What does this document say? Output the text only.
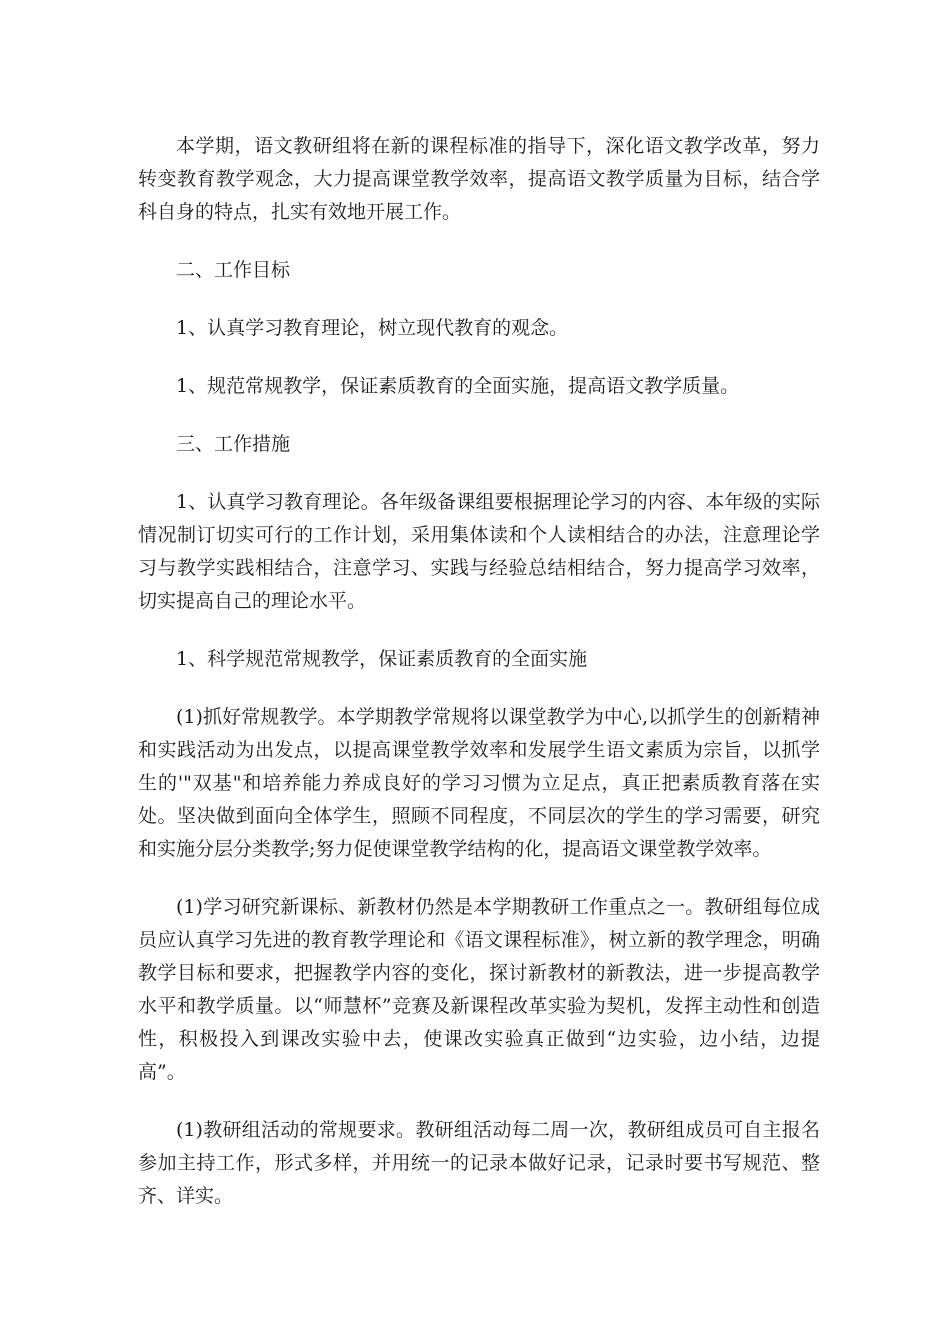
本学期，语文教研组将在新的课程标准的指导下，深化语文教学改革，努力转变教育教学观念，大力提高课堂教学效率，提高语文教学质量为目标，结合学科自身的特点，扎实有效地开展工作。

二、工作目标

1、认真学习教育理论，树立现代教育的观念。

1、规范常规教学，保证素质教育的全面实施，提高语文教学质量。

三、工作措施

1、认真学习教育理论。各年级备课组要根据理论学习的内容、本年级的实际情况制订切实可行的工作计划，采用集体读和个人读相结合的办法，注意理论学习与教学实践相结合，注意学习、实践与经验总结相结合，努力提高学习效率，切实提高自己的理论水平。

1、科学规范常规教学，保证素质教育的全面实施

(1)抓好常规教学。本学期教学常规将以课堂教学为中心,以抓学生的创新精神和实践活动为出发点，以提高课堂教学效率和发展学生语文素质为宗旨，以抓学生的'"双基"和培养能力养成良好的学习习惯为立足点，真正把素质教育落在实处。坚决做到面向全体学生，照顾不同程度，不同层次的学生的学习需要，研究和实施分层分类教学;努力促使课堂教学结构的化，提高语文课堂教学效率。

(1)学习研究新课标、新教材仍然是本学期教研工作重点之一。教研组每位成员应认真学习先进的教育教学理论和《语文课程标准》，树立新的教学理念，明确教学目标和要求，把握教学内容的变化，探讨新教材的新教法，进一步提高教学水平和教学质量。以“师慧杯”竞赛及新课程改革实验为契机，发挥主动性和创造性，积极投入到课改实验中去，使课改实验真正做到“边实验，边小结，边提高”。

(1)教研组活动的常规要求。教研组活动每二周一次，教研组成员可自主报名参加主持工作，形式多样，并用统一的记录本做好记录，记录时要书写规范、整齐、详实。
